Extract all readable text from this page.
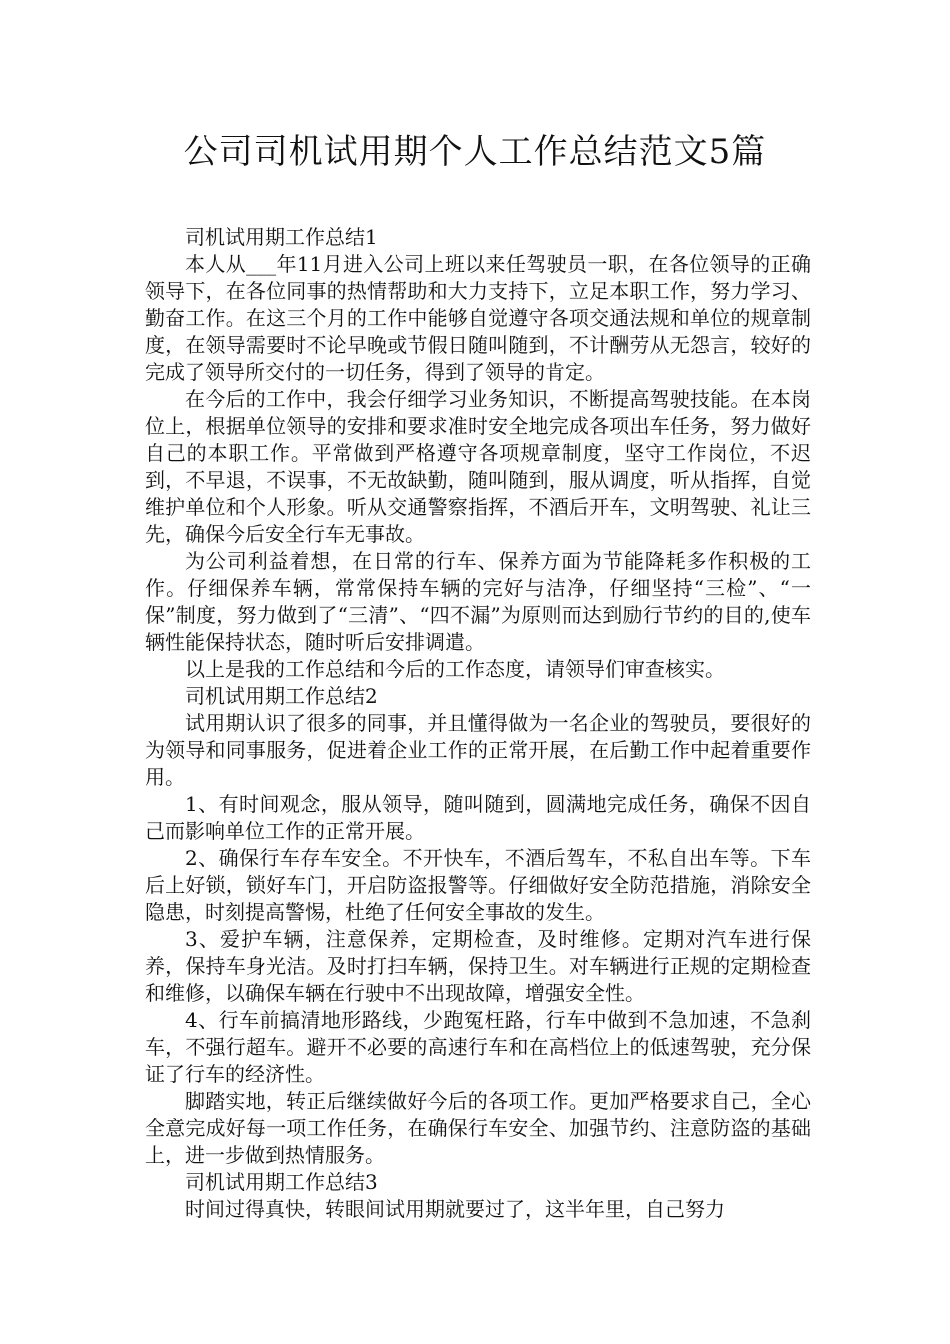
公司司机试用期个人工作总结范文5篇

司机试用期工作总结1

本人从___年11月进入公司上班以来任驾驶员一职，在各位领导的正确领导下，在各位同事的热情帮助和大力支持下，立足本职工作，努力学习、勤奋工作。在这三个月的工作中能够自觉遵守各项交通法规和单位的规章制度，在领导需要时不论早晚或节假日随叫随到，不计酬劳从无怨言，较好的完成了领导所交付的一切任务，得到了领导的肯定。

在今后的工作中，我会仔细学习业务知识，不断提高驾驶技能。在本岗位上，根据单位领导的安排和要求准时安全地完成各项出车任务，努力做好自己的本职工作。平常做到严格遵守各项规章制度，坚守工作岗位，不迟到，不早退，不误事，不无故缺勤，随叫随到，服从调度，听从指挥，自觉维护单位和个人形象。听从交通警察指挥，不酒后开车，文明驾驶、礼让三先，确保今后安全行车无事故。

为公司利益着想，在日常的行车、保养方面为节能降耗多作积极的工作。仔细保养车辆，常常保持车辆的完好与洁净，仔细坚持“三检”、“一保”制度，努力做到了“三清”、“四不漏”为原则而达到励行节约的目的,使车辆性能保持状态，随时听后安排调遣。

以上是我的工作总结和今后的工作态度，请领导们审查核实。

司机试用期工作总结2

试用期认识了很多的同事，并且懂得做为一名企业的驾驶员，要很好的为领导和同事服务，促进着企业工作的正常开展，在后勤工作中起着重要作用。

1、有时间观念，服从领导，随叫随到，圆满地完成任务，确保不因自己而影响单位工作的正常开展。

2、确保行车存车安全。不开快车，不酒后驾车，不私自出车等。下车后上好锁，锁好车门，开启防盗报警等。仔细做好安全防范措施，消除安全隐患，时刻提高警惕，杜绝了任何安全事故的发生。

3、爱护车辆，注意保养，定期检查，及时维修。定期对汽车进行保养，保持车身光洁。及时打扫车辆，保持卫生。对车辆进行正规的定期检查和维修，以确保车辆在行驶中不出现故障，增强安全性。

4、行车前搞清地形路线，少跑冤枉路，行车中做到不急加速，不急刹车，不强行超车。避开不必要的高速行车和在高档位上的低速驾驶，充分保证了行车的经济性。

脚踏实地，转正后继续做好今后的各项工作。更加严格要求自己，全心全意完成好每一项工作任务，在确保行车安全、加强节约、注意防盗的基础上，进一步做到热情服务。

司机试用期工作总结3

时间过得真快，转眼间试用期就要过了，这半年里，自己努力
